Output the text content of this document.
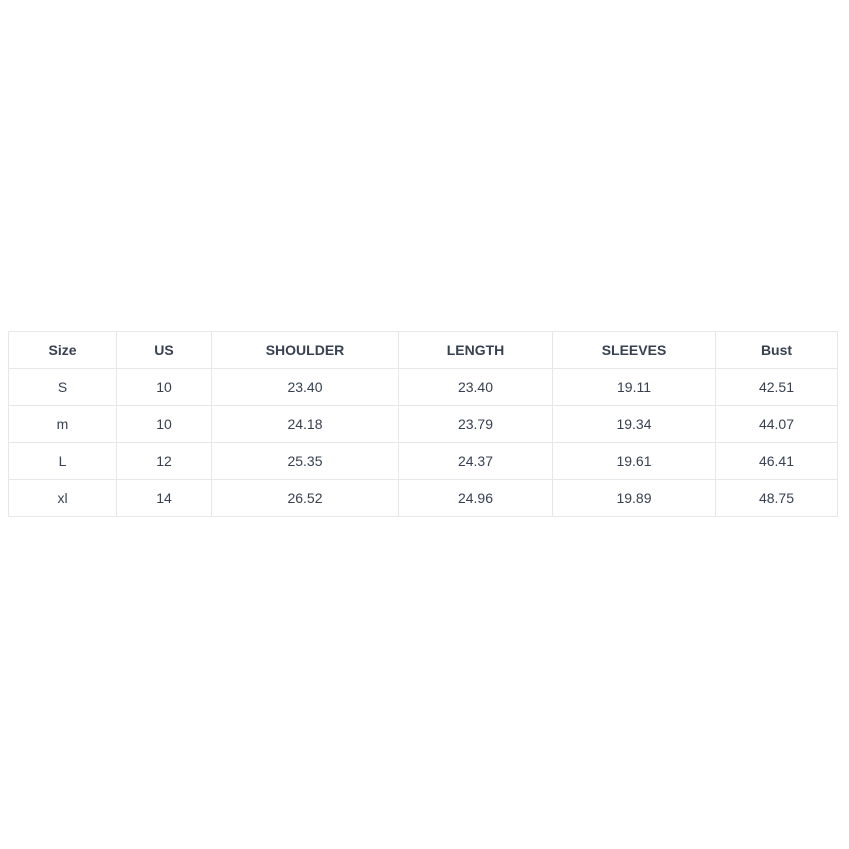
Size	US	SHOULDER	LENGTH	SLEEVES	Bust
S	10	23.40	23.40	19.11	42.51
m	10	24.18	23.79	19.34	44.07
L	12	25.35	24.37	19.61	46.41
xl	14	26.52	24.96	19.89	48.75
